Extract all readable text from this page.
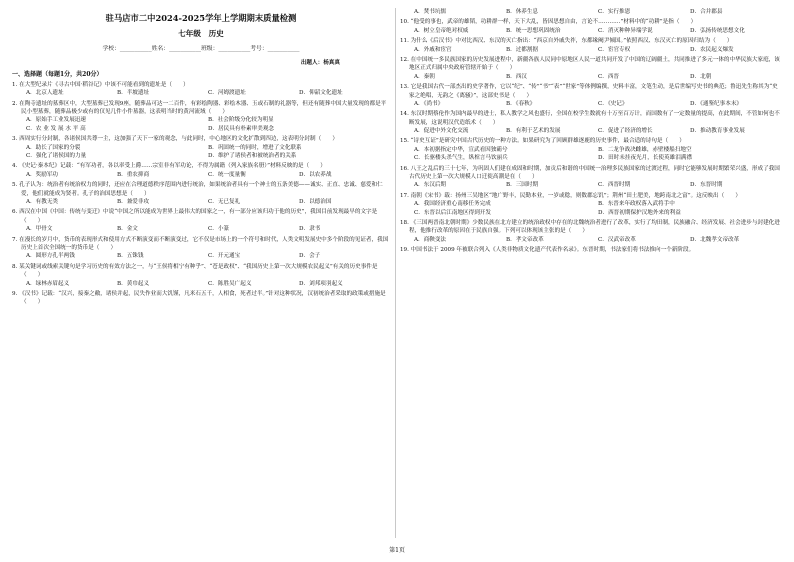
驻马店市二中2024-2025学年上学期期末质量检测
七年级　历史
学校：___________姓名：___________班级：___________考号：___________
出题人：杨真真
一、选择题（每题1分，共20分）
1. 在大型纪录片《寻古中国·稻谷记》中该不可能看到的遗址是（　　）
A．北京人遗址	B．半坡遗址	C．河姆渡遗址	D．仰韶文化遗址
2. 在陶寺遗址的墓葬区中，大型墓葬已发现9座，随葬品可达一二百件，有彩绘陶器、彩绘木器、玉或石制的礼器等，但还有随葬中国大量发现的都是平民小型墓葬，随葬品极少或有的仅见几件小件墓器，这表明当时的黄河流域（　　）
A．原始手工业发展迅速	B．社会阶级分化较为明显
C．农 业 发 展 水 平 高	D．居民具有朴素审美观念
3. 西周实行分封制，各诸侯国共尊一主，这加强了天下一家的观念，与此同时，中心地区的文化扩散到四边，这表明分封制（　　）
A．助长了国家的分裂	B．巩固统一的同时，增进了文化联系
C．强化了诸侯国的力量	D．维护了诸侯者和被统治者的关系
4. 《史记·秦本纪》记载：“有军功者，各以率受上爵……宗室非有军功论，不得为属籍（列入家族名册）”材料反映的是（　　）
A．奖励军功	B．重农抑商	C．统一度量衡	D．以农养战
5. 孔子认为：统治者有统治权力的同时，还应在合理道德秩序范围内进行统治，如果统治者具有一个神士的五条美德——诚实、正直、忠诚、慈爱和仁爱，他们就能成为贤者。孔子的治国思想是（　　）
A．有教无类	B．兼爱非攻	C．无已复礼	D．以德治国
6. 西汉在中国《中国：传统与变迁》中说“中国之所以能成为世界上最伟大的国家之一，有一部分应该归功于他的历史”，我国目前发现最早的文字是（　　）
A．甲骨文	B．金文	C．小篆	D．隶书
7. 在漫长的岁月中，货币的表现形式和使用方式不断演变而不断演变过，它不仅是市场上的一个符号和时代，人类文明发展史中多个阶段的见证者，我国历史上首次全国统一的货币是（　　）
A．圆形方孔半两钱	B．五铢钱	C．开元通宝	D．会子
8. 某关键词或线索关键句是学习历史的有效方法之一，与“王侯将相宁有种乎”、“苍是政权”、“我国历史上第一次大规模农民起义”有关的历史事件是（　　）
A．绿林赤眉起义	B．黄巾起义	C．陈胜吴广起义	D．刘邦项羽起义
9. 《汉书》记载：“汉兴，接秦之敝，诸侯并起，民失作业而大饥馑，凡米石五千，人相食，死者过半。”针对这种状况，汉初统治者采取的政策或措施是（　　）
A．焚书坑儒	B．休养生息	C．实行推恩	D．合并郡县
10. “他受的事也，武帝的雄韬，功耕群一样，天下大乱，皆因思想自由，言论不…………”材料中的“功耕”是指（　　）
A．树立皇帝绝对权威	B．统一思想巩固统治	C．消灭种种异端学说	D．弘扬传统思想文化
11. 为什么《后汉书》中对比西汉、东汉的灭亡指出：“西京自外戚失祚，东都缘阉尹倾国。”依照西汉、东汉灭亡的原因归结为（　　）
A．外戚和宦官	B．过都割据	C．宦官专权	D．农民起义爆发
12. 在中国统一多民族国家的历史发展进程中，新疆各族人民同中原地区人民一道共同开发了中国的辽阔疆土，共同推进了多元一体的中华民族大家庭，该地区正式归属中央政府管辖开始于（　　）
A．秦朝	B．西汉	C．西晋	D．北朝
13. 它是我国古代一部杰出的史学著作，它以“纪”、“传”“书”“表”“世家”等体例编撰，史料丰富，文笔生动，是后世编写史书的典范；鲁迅先生称其为“史家之绝唱，无韵之《离骚》”，这部史书是（　　）
A．《尚书》	B．《春秋》	C．《史记》	D．《通鉴纪事本末》
14. 东汉时期蔡伦作为国内最早的进士，私人教学之风也盛行，全国在校学生数就有十万至百万计，而国数有了一定数量的提高，在此期间，不管如何也不断发展，这说明汉代造纸术（　　）
A．促进中外文化交流	B．有利于艺术的发展	C．促进了经济的增长	D．推动教育事业发展
15. “诗史互证”是研究中国古代历史的一种方法。如果研究为了回顾群雄逐鹿的历史事件，最合适的诗句是（　　）
A．本初据指定中华，宣武看因独霸兮	B．二龙争战决雌雄，赤壁楼船扫地空
C．长驱楼头杀气生，纵棺言马饮丽兵	D．田时未挂夜光月，长使英雄泪满襟
16. 八王之乱后的三十七年，为巩固人们建在成固和时期，加贡后和谐的中国统一治理多民族国家的过渡过程，同时它能够发展时期繁荣兴盛，形成了我国古代历史上第一次大规模人口迁徙高潮是在（　　）
A．东汉后期	B．三国时期	C．西晋时期	D．东晋时期
17. 南朝《宋书》载：扬州三吴地区“地广野丰，民勤本业，一岁或稔，则数郡忘饥”；荆州“田土肥美，地跨南北之富”。这反映出（　　）
A．我国经济重心南移任务完成	B．东晋来年政权落入武将手中
C．东晋以后江南地区得到开发	D．西晋初期保护汉地外来的利益
18. 《三国两晋南北朝时期》少数民族在北方建立的统治政权中存在的北魏统治者进行了改革，实行了均田制，民族融合、经济发展、社会进步与封建化进程，他推行改革的原因在于民族自强。下列可以体现该主张的是（　　）
A．商鞅变法	B．孝文帝改革	C．汉武帝改革	D．北魏孝文帝改革
19. 中国书法于 2009 年被联合列入《人类非物质文化遗产代表作名录》。东晋时期，书法家们将书法推向一个新阶段。
第1页
